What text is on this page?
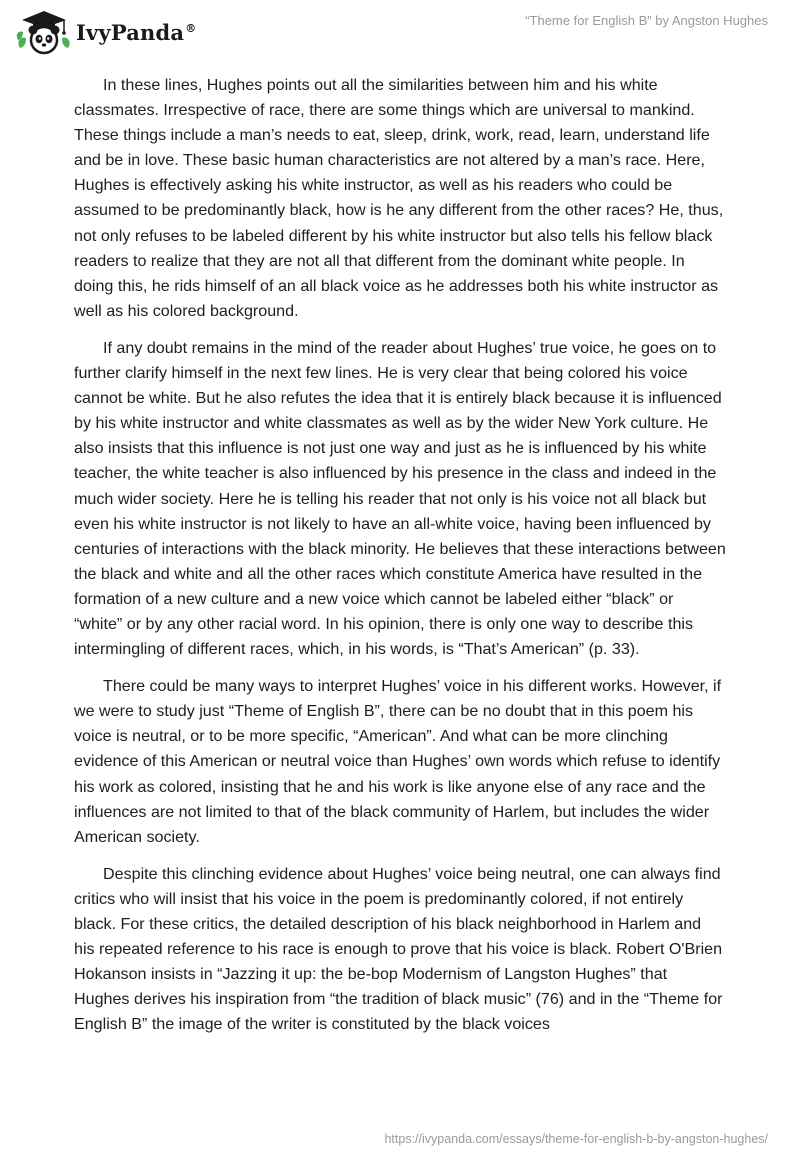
IvyPanda®	“Theme for English B” by Angston Hughes

In these lines, Hughes points out all the similarities between him and his white classmates. Irrespective of race, there are some things which are universal to mankind. These things include a man’s needs to eat, sleep, drink, work, read, learn, understand life and be in love. These basic human characteristics are not altered by a man’s race. Here, Hughes is effectively asking his white instructor, as well as his readers who could be assumed to be predominantly black, how is he any different from the other races? He, thus, not only refuses to be labeled different by his white instructor but also tells his fellow black readers to realize that they are not all that different from the dominant white people. In doing this, he rids himself of an all black voice as he addresses both his white instructor as well as his colored background.

If any doubt remains in the mind of the reader about Hughes’ true voice, he goes on to further clarify himself in the next few lines. He is very clear that being colored his voice cannot be white. But he also refutes the idea that it is entirely black because it is influenced by his white instructor and white classmates as well as by the wider New York culture. He also insists that this influence is not just one way and just as he is influenced by his white teacher, the white teacher is also influenced by his presence in the class and indeed in the much wider society. Here he is telling his reader that not only is his voice not all black but even his white instructor is not likely to have an all-white voice, having been influenced by centuries of interactions with the black minority. He believes that these interactions between the black and white and all the other races which constitute America have resulted in the formation of a new culture and a new voice which cannot be labeled either “black” or “white” or by any other racial word. In his opinion, there is only one way to describe this intermingling of different races, which, in his words, is “That’s American” (p. 33).

There could be many ways to interpret Hughes’ voice in his different works. However, if we were to study just “Theme of English B”, there can be no doubt that in this poem his voice is neutral, or to be more specific, “American”. And what can be more clinching evidence of this American or neutral voice than Hughes’ own words which refuse to identify his work as colored, insisting that he and his work is like anyone else of any race and the influences are not limited to that of the black community of Harlem, but includes the wider American society.

Despite this clinching evidence about Hughes’ voice being neutral, one can always find critics who will insist that his voice in the poem is predominantly colored, if not entirely black. For these critics, the detailed description of his black neighborhood in Harlem and his repeated reference to his race is enough to prove that his voice is black. Robert O'Brien Hokanson insists in “Jazzing it up: the be-bop Modernism of Langston Hughes” that Hughes derives his inspiration from “the tradition of black music” (76) and in the “Theme for English B” the image of the writer is constituted by the black voices

https://ivypanda.com/essays/theme-for-english-b-by-angston-hughes/
